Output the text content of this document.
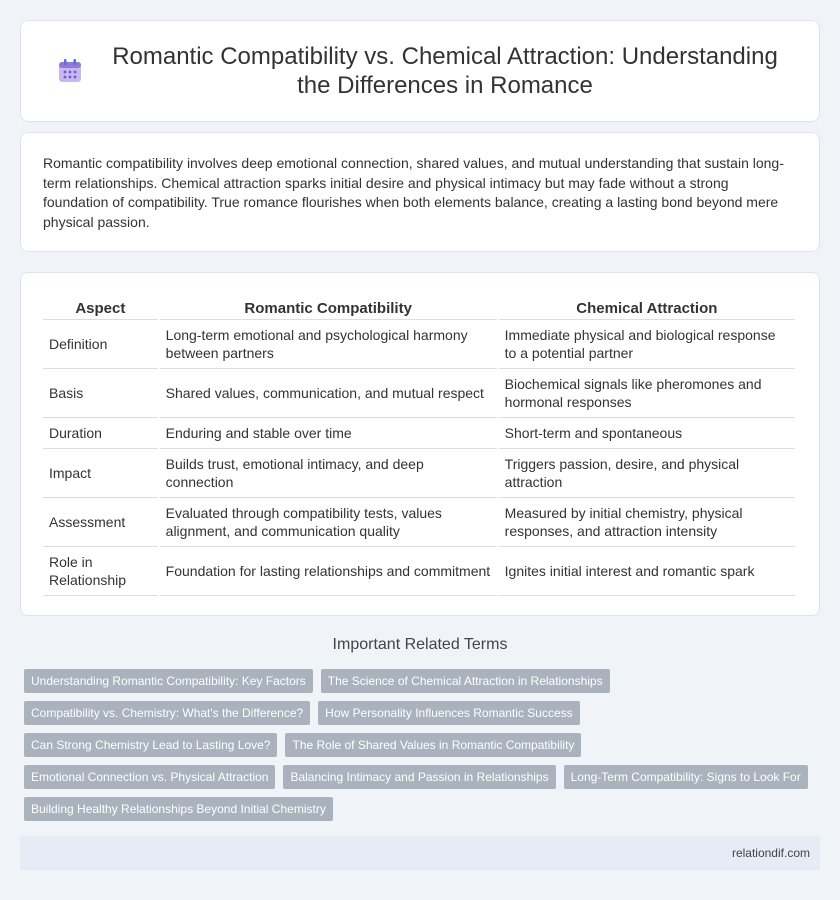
Romantic Compatibility vs. Chemical Attraction: Understanding the Differences in Romance

Romantic compatibility involves deep emotional connection, shared values, and mutual understanding that sustain long-term relationships. Chemical attraction sparks initial desire and physical intimacy but may fade without a strong foundation of compatibility. True romance flourishes when both elements balance, creating a lasting bond beyond mere physical passion.

Aspect	Romantic Compatibility	Chemical Attraction
Definition	Long-term emotional and psychological harmony between partners	Immediate physical and biological response to a potential partner
Basis	Shared values, communication, and mutual respect	Biochemical signals like pheromones and hormonal responses
Duration	Enduring and stable over time	Short-term and spontaneous
Impact	Builds trust, emotional intimacy, and deep connection	Triggers passion, desire, and physical attraction
Assessment	Evaluated through compatibility tests, values alignment, and communication quality	Measured by initial chemistry, physical responses, and attraction intensity
Role in Relationship	Foundation for lasting relationships and commitment	Ignites initial interest and romantic spark
Important Related Terms
Understanding Romantic Compatibility: Key Factors	The Science of Chemical Attraction in Relationships
Compatibility vs. Chemistry: What's the Difference?	How Personality Influences Romantic Success
Can Strong Chemistry Lead to Lasting Love?	The Role of Shared Values in Romantic Compatibility
Emotional Connection vs. Physical Attraction	Balancing Intimacy and Passion in Relationships	Long-Term Compatibility: Signs to Look For
Building Healthy Relationships Beyond Initial Chemistry
relationdif.com
